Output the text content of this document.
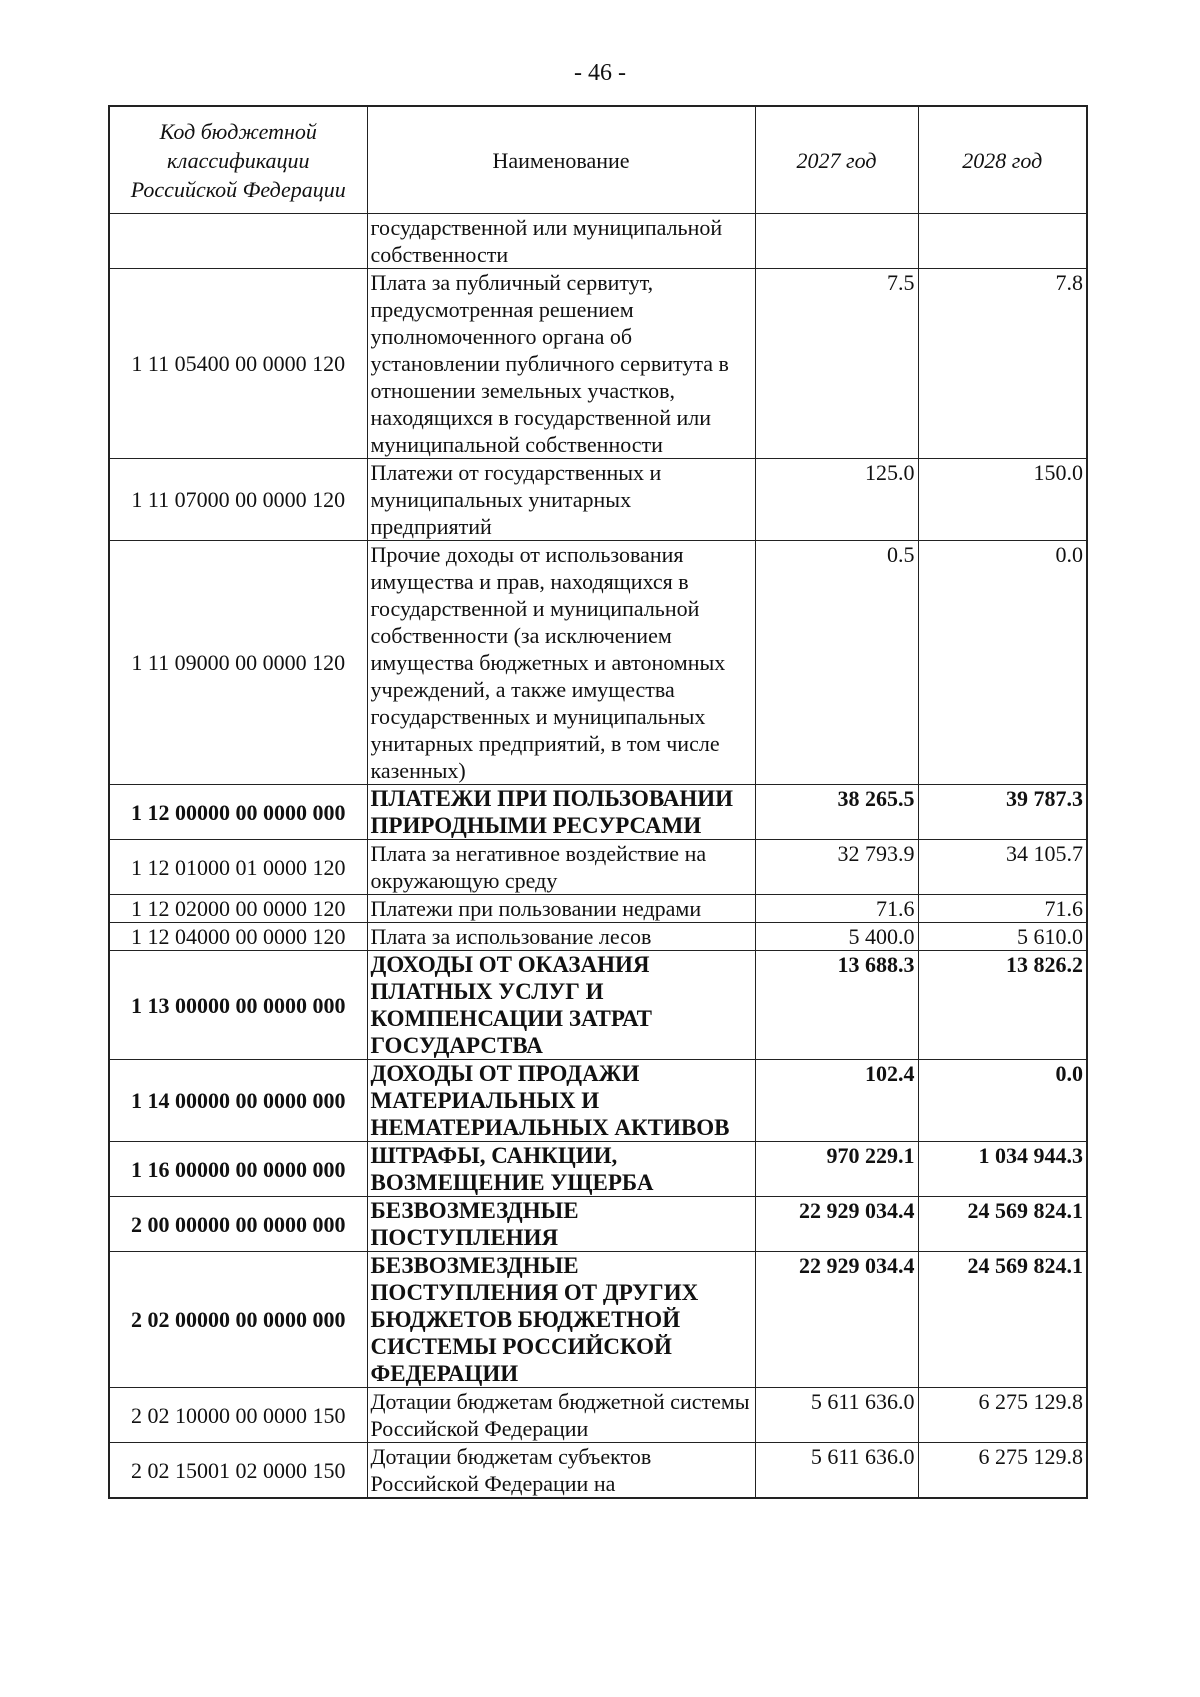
- 46 -
Код бюджетной классификации Российской Федерации	Наименование	2027 год	2028 год
	государственной или муниципальной собственности		
1 11 05400 00 0000 120	Плата за публичный сервитут, предусмотренная решением уполномоченного органа об установлении публичного сервитута в отношении земельных участков, находящихся в государственной или муниципальной собственности	7.5	7.8
1 11 07000 00 0000 120	Платежи от государственных и муниципальных унитарных предприятий	125.0	150.0
1 11 09000 00 0000 120	Прочие доходы от использования имущества и прав, находящихся в государственной и муниципальной собственности (за исключением имущества бюджетных и автономных учреждений, а также имущества государственных и муниципальных унитарных предприятий, в том числе казенных)	0.5	0.0
1 12 00000 00 0000 000	ПЛАТЕЖИ ПРИ ПОЛЬЗОВАНИИ ПРИРОДНЫМИ РЕСУРСАМИ	38 265.5	39 787.3
1 12 01000 01 0000 120	Плата за негативное воздействие на окружающую среду	32 793.9	34 105.7
1 12 02000 00 0000 120	Платежи при пользовании недрами	71.6	71.6
1 12 04000 00 0000 120	Плата за использование лесов	5 400.0	5 610.0
1 13 00000 00 0000 000	ДОХОДЫ ОТ ОКАЗАНИЯ ПЛАТНЫХ УСЛУГ И КОМПЕНСАЦИИ ЗАТРАТ ГОСУДАРСТВА	13 688.3	13 826.2
1 14 00000 00 0000 000	ДОХОДЫ ОТ ПРОДАЖИ МАТЕРИАЛЬНЫХ И НЕМАТЕРИАЛЬНЫХ АКТИВОВ	102.4	0.0
1 16 00000 00 0000 000	ШТРАФЫ, САНКЦИИ, ВОЗМЕЩЕНИЕ УЩЕРБА	970 229.1	1 034 944.3
2 00 00000 00 0000 000	БЕЗВОЗМЕЗДНЫЕ ПОСТУПЛЕНИЯ	22 929 034.4	24 569 824.1
2 02 00000 00 0000 000	БЕЗВОЗМЕЗДНЫЕ ПОСТУПЛЕНИЯ ОТ ДРУГИХ БЮДЖЕТОВ БЮДЖЕТНОЙ СИСТЕМЫ РОССИЙСКОЙ ФЕДЕРАЦИИ	22 929 034.4	24 569 824.1
2 02 10000 00 0000 150	Дотации бюджетам бюджетной системы Российской Федерации	5 611 636.0	6 275 129.8
2 02 15001 02 0000 150	Дотации бюджетам субъектов Российской Федерации на	5 611 636.0	6 275 129.8
